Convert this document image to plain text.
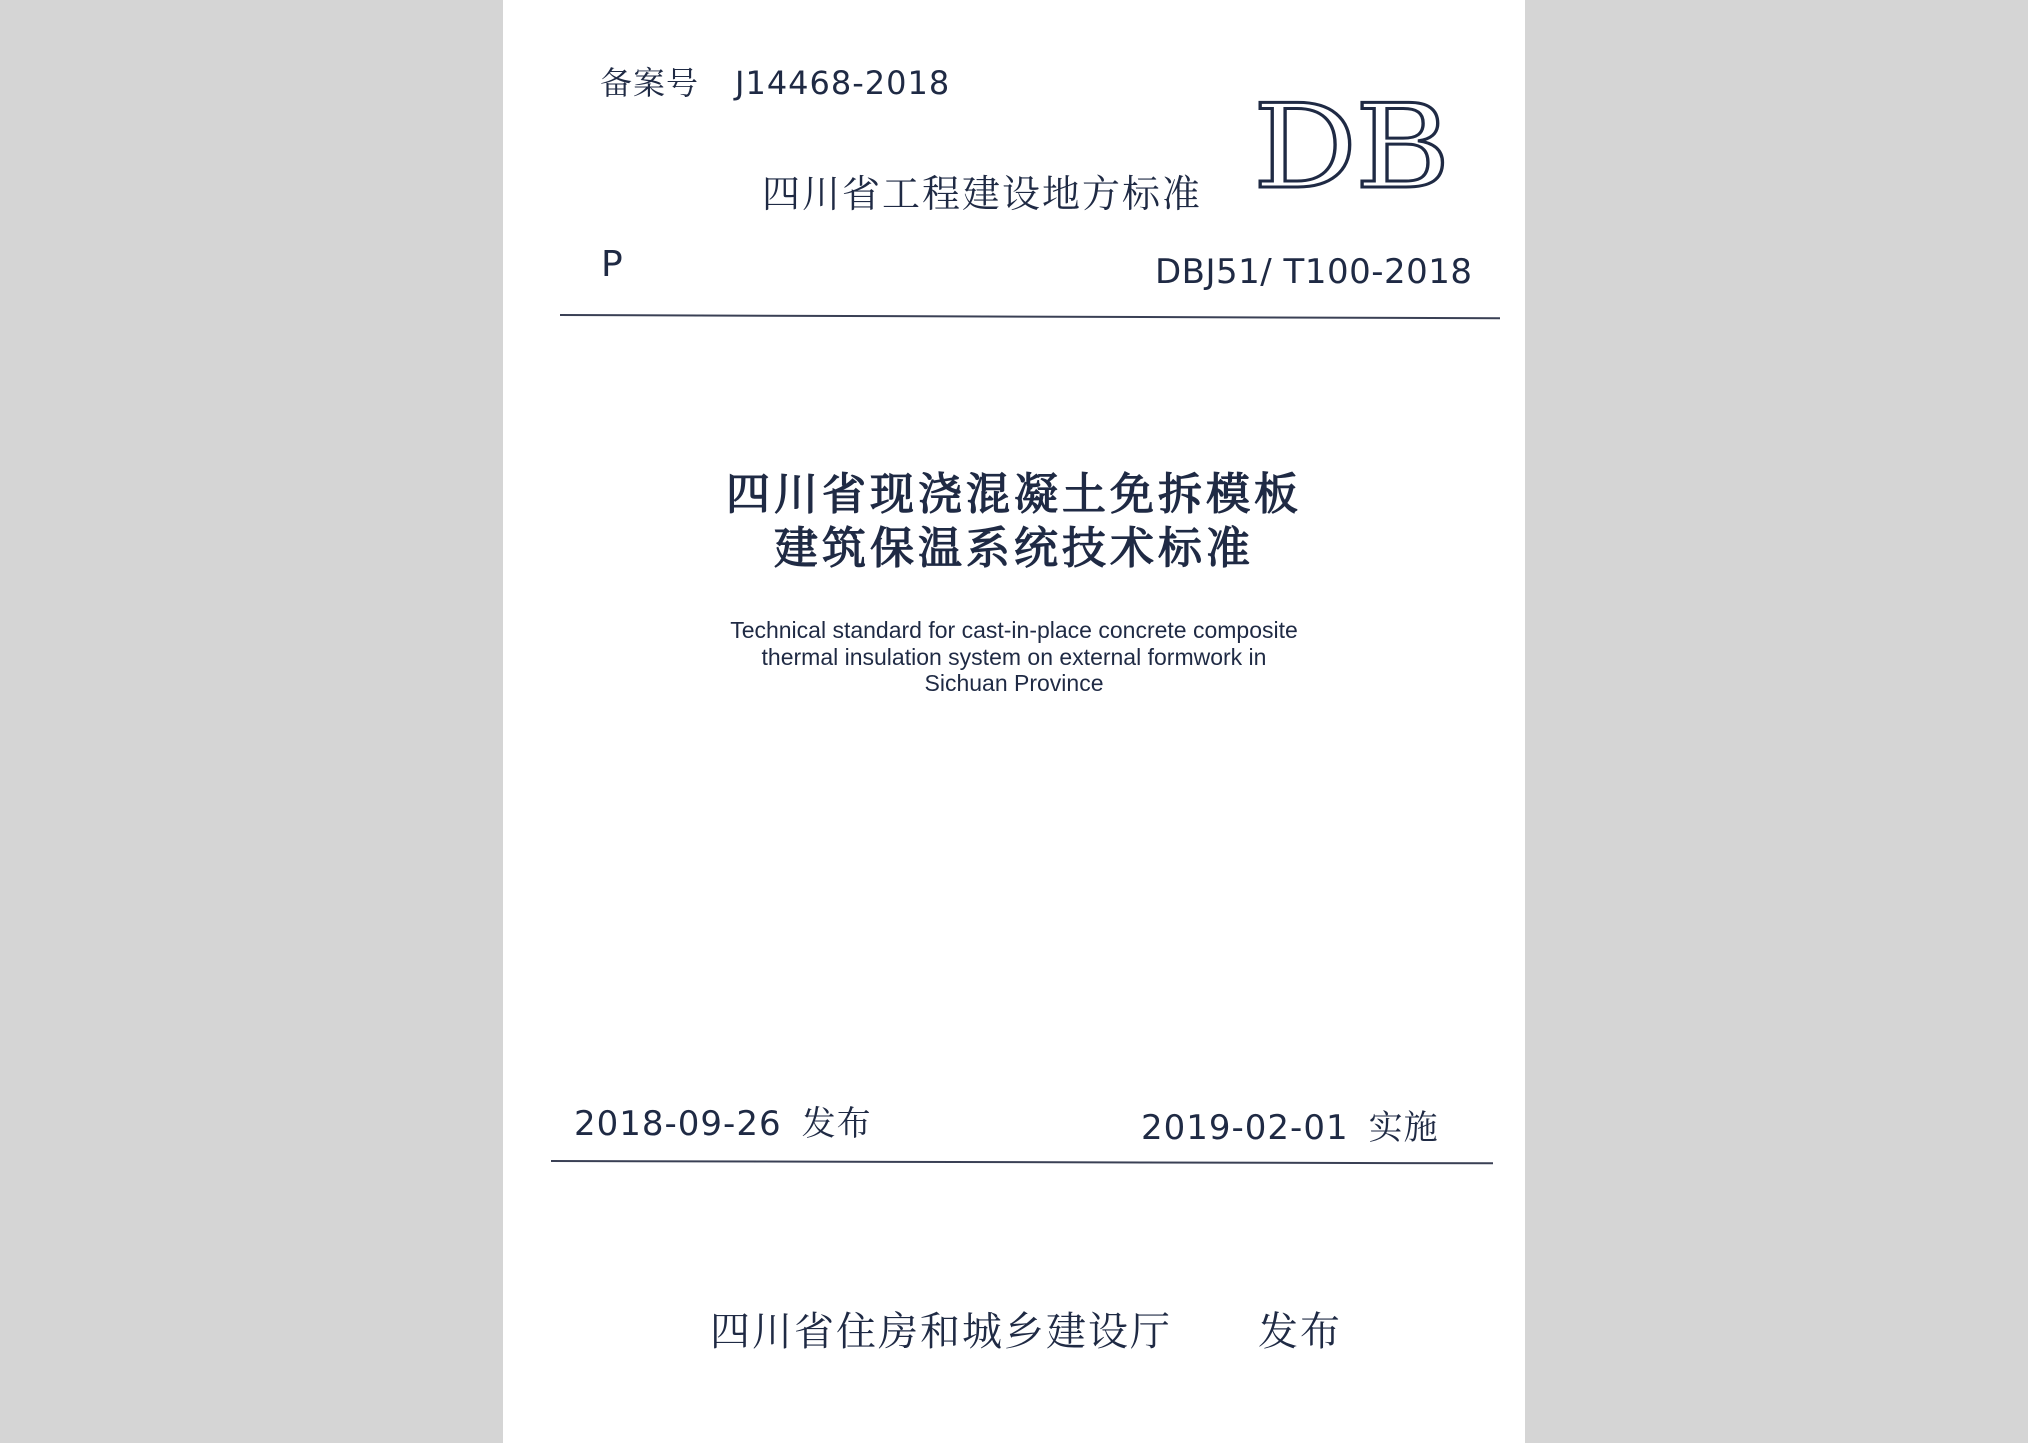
备案号 J14468-2018
四川省工程建设地方标准 DB
P	DBJ51/ T100-2018
四川省现浇混凝土免拆模板
建筑保温系统技术标准
Technical standard for cast-in-place concrete composite
thermal insulation system on external formwork in
Sichuan Province
2018-09-26 发布	2019-02-01 实施
四川省住房和城乡建设厅 发布
